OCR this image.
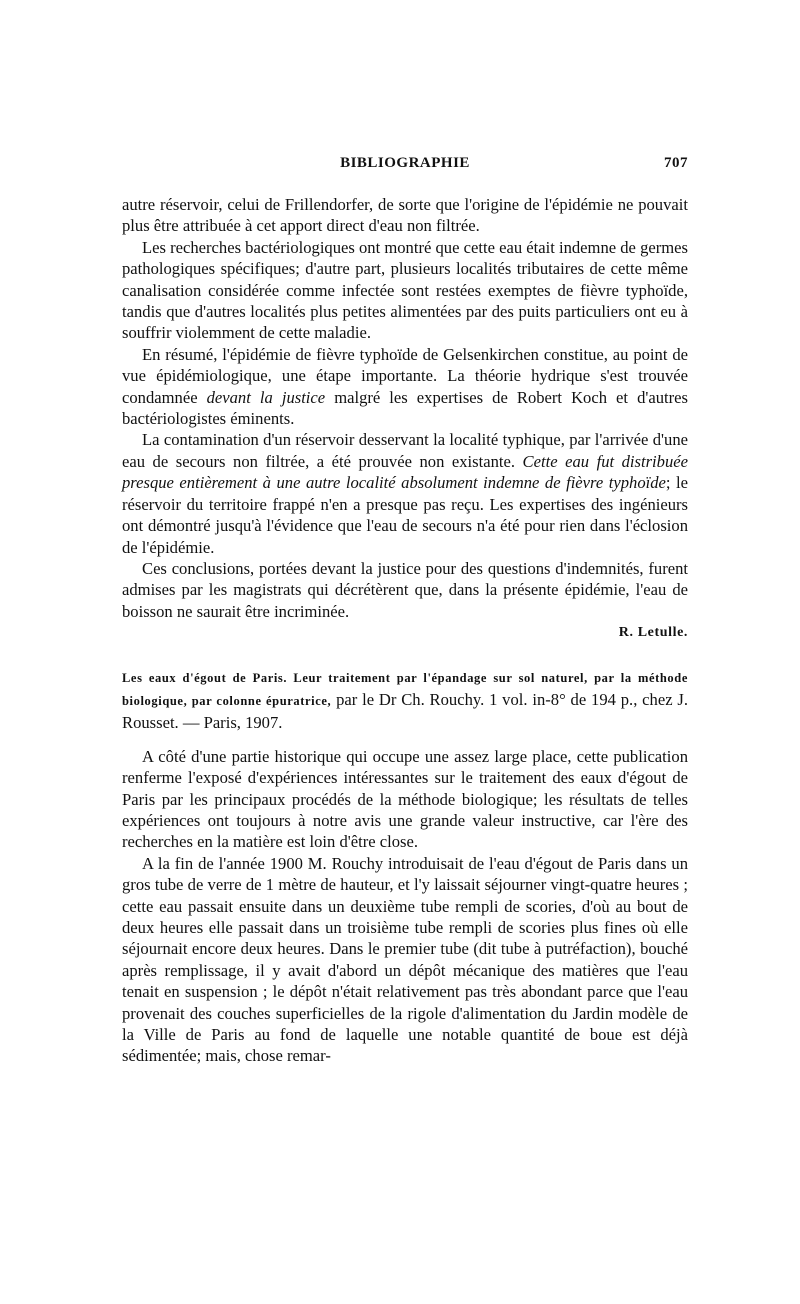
BIBLIOGRAPHIE	707

autre réservoir, celui de Frillendorfer, de sorte que l'origine de l'épidémie ne pouvait plus être attribuée à cet apport direct d'eau non filtrée.

Les recherches bactériologiques ont montré que cette eau était indemne de germes pathologiques spécifiques; d'autre part, plusieurs localités tributaires de cette même canalisation considérée comme infectée sont restées exemptes de fièvre typhoïde, tandis que d'autres localités plus petites alimentées par des puits particuliers ont eu à souffrir violemment de cette maladie.

En résumé, l'épidémie de fièvre typhoïde de Gelsenkirchen constitue, au point de vue épidémiologique, une étape importante. La théorie hydrique s'est trouvée condamnée devant la justice malgré les expertises de Robert Koch et d'autres bactériologistes éminents.

La contamination d'un réservoir desservant la localité typhique, par l'arrivée d'une eau de secours non filtrée, a été prouvée non existante. Cette eau fut distribuée presque entièrement à une autre localité absolument indemne de fièvre typhoïde; le réservoir du territoire frappé n'en a presque pas reçu. Les expertises des ingénieurs ont démontré jusqu'à l'évidence que l'eau de secours n'a été pour rien dans l'éclosion de l'épidémie.

Ces conclusions, portées devant la justice pour des questions d'indemnités, furent admises par les magistrats qui décrétèrent que, dans la présente épidémie, l'eau de boisson ne saurait être incriminée.

R. Letulle.

Les eaux d'égout de Paris. Leur traitement par l'épandage sur sol naturel, par la méthode biologique, par colonne épuratrice, par le Dr Ch. Rouchy. 1 vol. in-8° de 194 p., chez J. Rousset. — Paris, 1907.

A côté d'une partie historique qui occupe une assez large place, cette publication renferme l'exposé d'expériences intéressantes sur le traitement des eaux d'égout de Paris par les principaux procédés de la méthode biologique; les résultats de telles expériences ont toujours à notre avis une grande valeur instructive, car l'ère des recherches en la matière est loin d'être close.

A la fin de l'année 1900 M. Rouchy introduisait de l'eau d'égout de Paris dans un gros tube de verre de 1 mètre de hauteur, et l'y laissait séjourner vingt-quatre heures ; cette eau passait ensuite dans un deuxième tube rempli de scories, d'où au bout de deux heures elle passait dans un troisième tube rempli de scories plus fines où elle séjournait encore deux heures. Dans le premier tube (dit tube à putréfaction), bouché après remplissage, il y avait d'abord un dépôt mécanique des matières que l'eau tenait en suspension ; le dépôt n'était relativement pas très abondant parce que l'eau provenait des couches superficielles de la rigole d'alimentation du Jardin modèle de la Ville de Paris au fond de laquelle une notable quantité de boue est déjà sédimentée; mais, chose remar-
